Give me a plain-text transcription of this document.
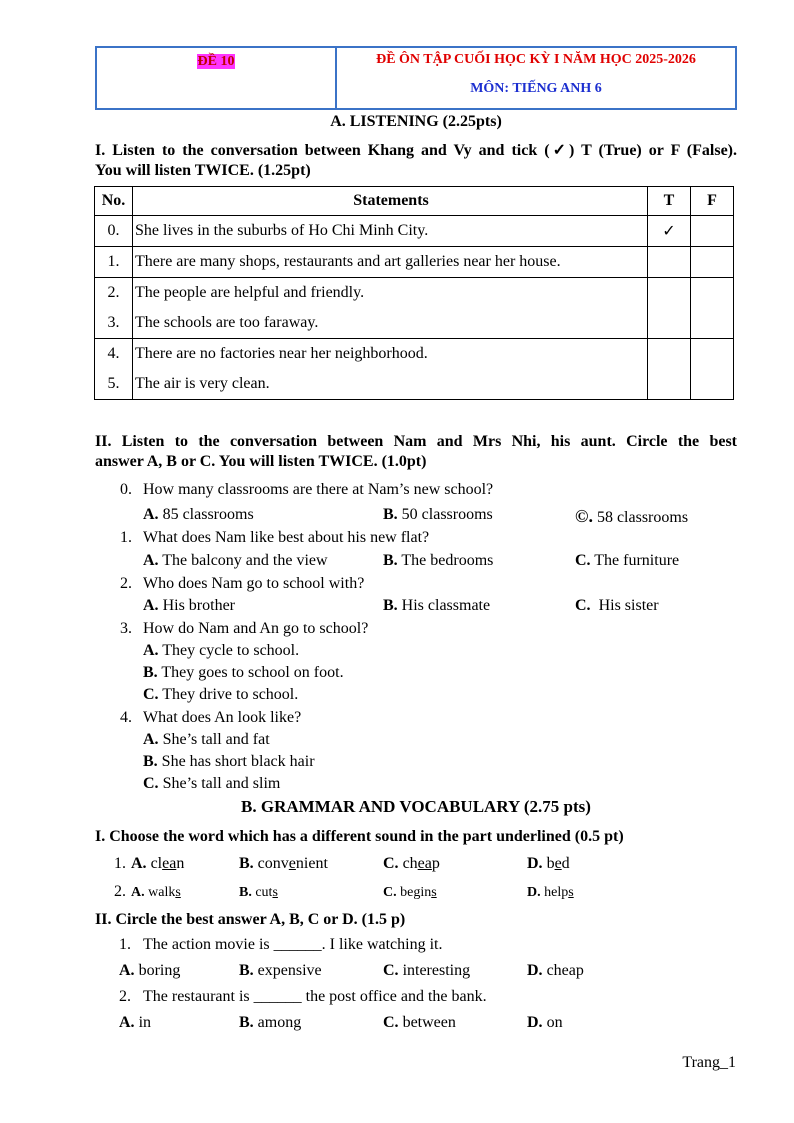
ĐỀ 10	ĐỀ ÔN TẬP CUỐI HỌC KỲ I NĂM HỌC 2025-2026
MÔN: TIẾNG ANH 6
A. LISTENING (2.25pts)
I. Listen to the conversation between Khang and Vy and tick (✓) T (True) or F (False).
You will listen TWICE. (1.25pt)
No.	Statements	T	F
0.	She lives in the suburbs of Ho Chi Minh City.	✓	
1.	There are many shops, restaurants and art galleries near her house.		
2.	The people are helpful and friendly.		
3.	The schools are too faraway.		
4.	There are no factories near her neighborhood.		
5.	The air is very clean.		
II. Listen to the conversation between Nam and Mrs Nhi, his aunt. Circle the best
answer A, B or C. You will listen TWICE. (1.0pt)
0. How many classrooms are there at Nam’s new school?
A. 85 classrooms	B. 50 classrooms	©. 58 classrooms
1. What does Nam like best about his new flat?
A. The balcony and the view	B. The bedrooms	C. The furniture
2. Who does Nam go to school with?
A. His brother	B. His classmate	C.  His sister
3. How do Nam and An go to school?
A. They cycle to school.
B. They goes to school on foot.
C. They drive to school.
4. What does An look like?
A. She’s tall and fat
B. She has short black hair
C. She’s tall and slim
B. GRAMMAR AND VOCABULARY (2.75 pts)
I. Choose the word which has a different sound in the part underlined (0.5 pt)
1. A. clean	B. convenient	C. cheap	D. bed
2. A. walks	B. cuts	C. begins	D. helps
II. Circle the best answer A, B, C or D. (1.5 p)
1. The action movie is ______. I like watching it.
A. boring	B. expensive	C. interesting	D. cheap
2. The restaurant is ______ the post office and the bank.
A. in	B. among	C. between	D. on
Trang_1
